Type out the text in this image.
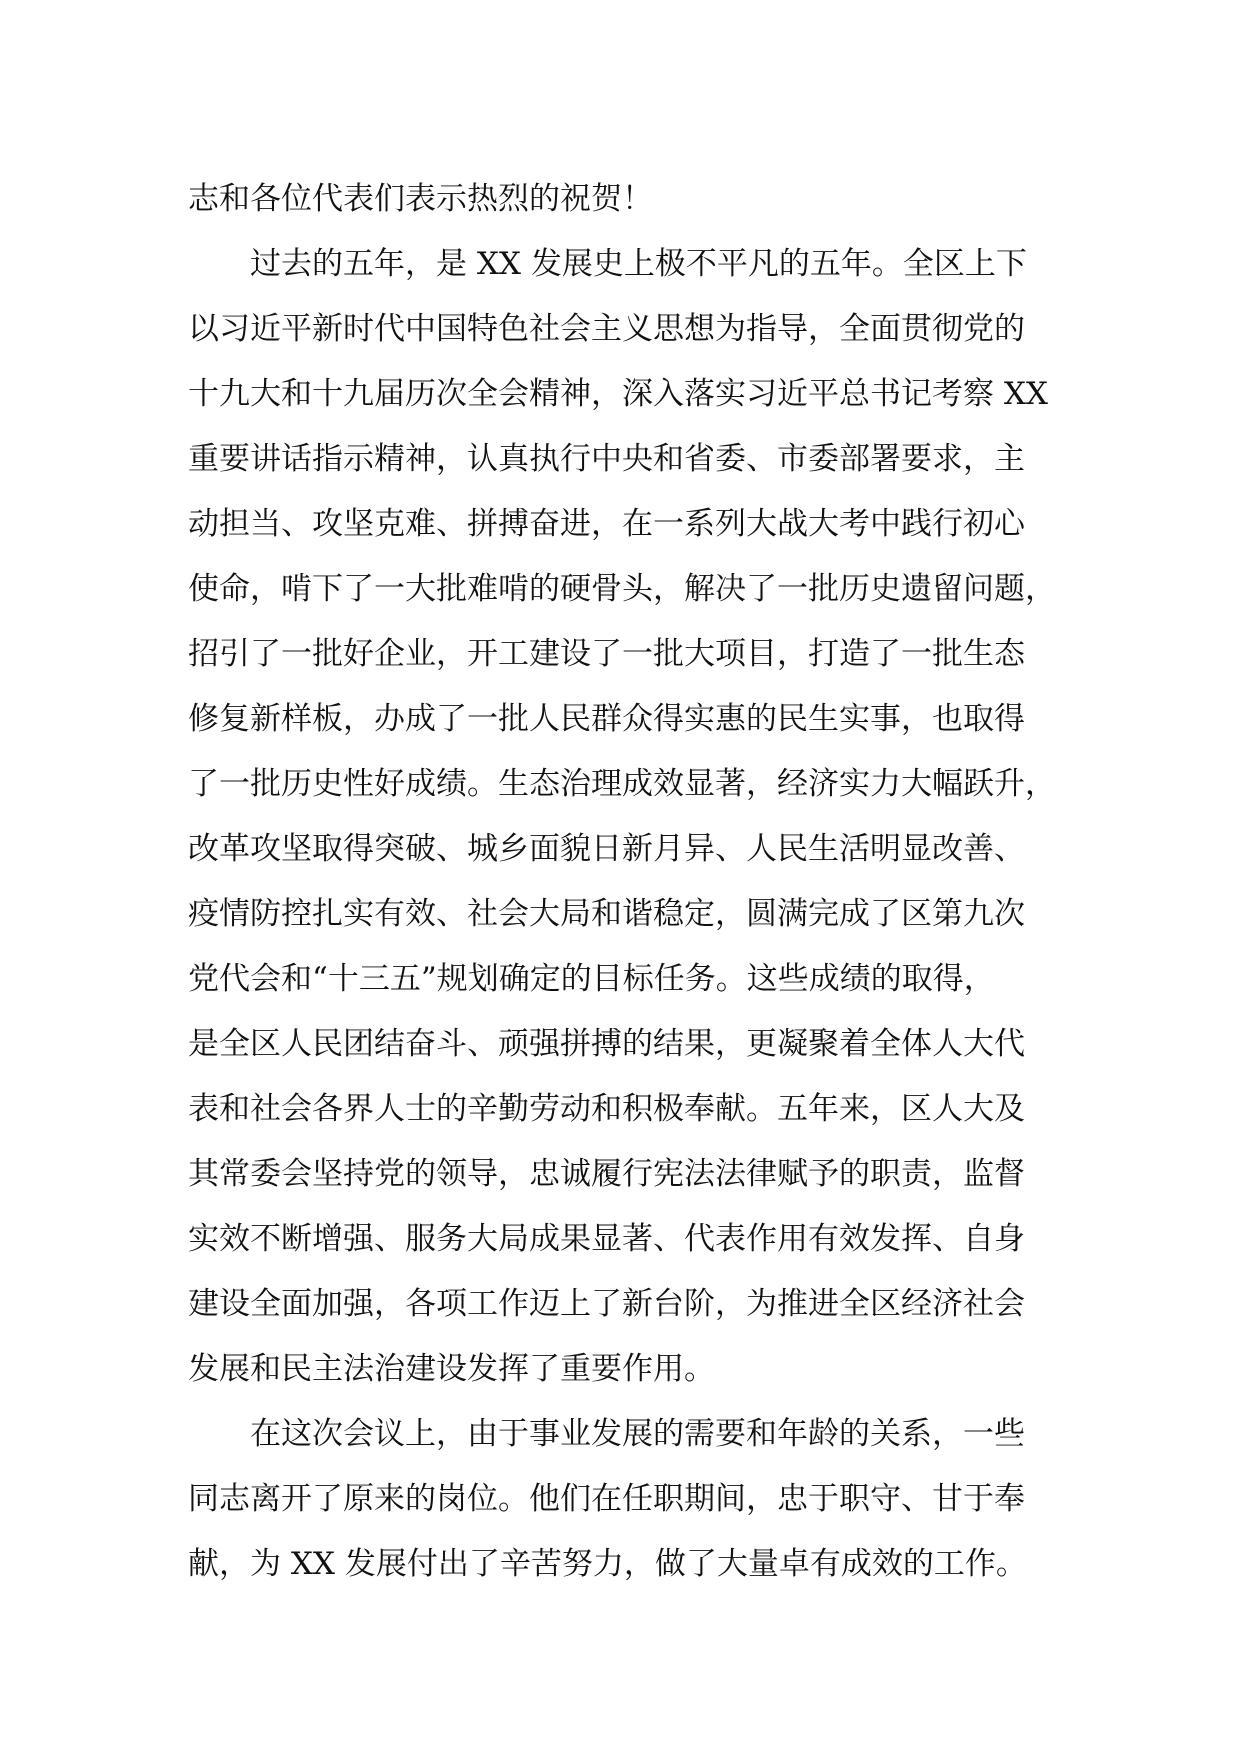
志和各位代表们表示热烈的祝贺！
过去的五年，是 XX 发展史上极不平凡的五年。全区上下
以习近平新时代中国特色社会主义思想为指导，全面贯彻党的
十九大和十九届历次全会精神，深入落实习近平总书记考察 XX
重要讲话指示精神，认真执行中央和省委、市委部署要求，主
动担当、攻坚克难、拼搏奋进，在一系列大战大考中践行初心
使命，啃下了一大批难啃的硬骨头，解决了一批历史遗留问题，
招引了一批好企业，开工建设了一批大项目，打造了一批生态
修复新样板，办成了一批人民群众得实惠的民生实事，也取得
了一批历史性好成绩。生态治理成效显著，经济实力大幅跃升，
改革攻坚取得突破、城乡面貌日新月异、人民生活明显改善、
疫情防控扎实有效、社会大局和谐稳定，圆满完成了区第九次
党代会和“十三五”规划确定的目标任务。这些成绩的取得，
是全区人民团结奋斗、顽强拼搏的结果，更凝聚着全体人大代
表和社会各界人士的辛勤劳动和积极奉献。五年来，区人大及
其常委会坚持党的领导，忠诚履行宪法法律赋予的职责，监督
实效不断增强、服务大局成果显著、代表作用有效发挥、自身
建设全面加强，各项工作迈上了新台阶，为推进全区经济社会
发展和民主法治建设发挥了重要作用。
在这次会议上，由于事业发展的需要和年龄的关系，一些
同志离开了原来的岗位。他们在任职期间，忠于职守、甘于奉
献，为 XX 发展付出了辛苦努力，做了大量卓有成效的工作。
